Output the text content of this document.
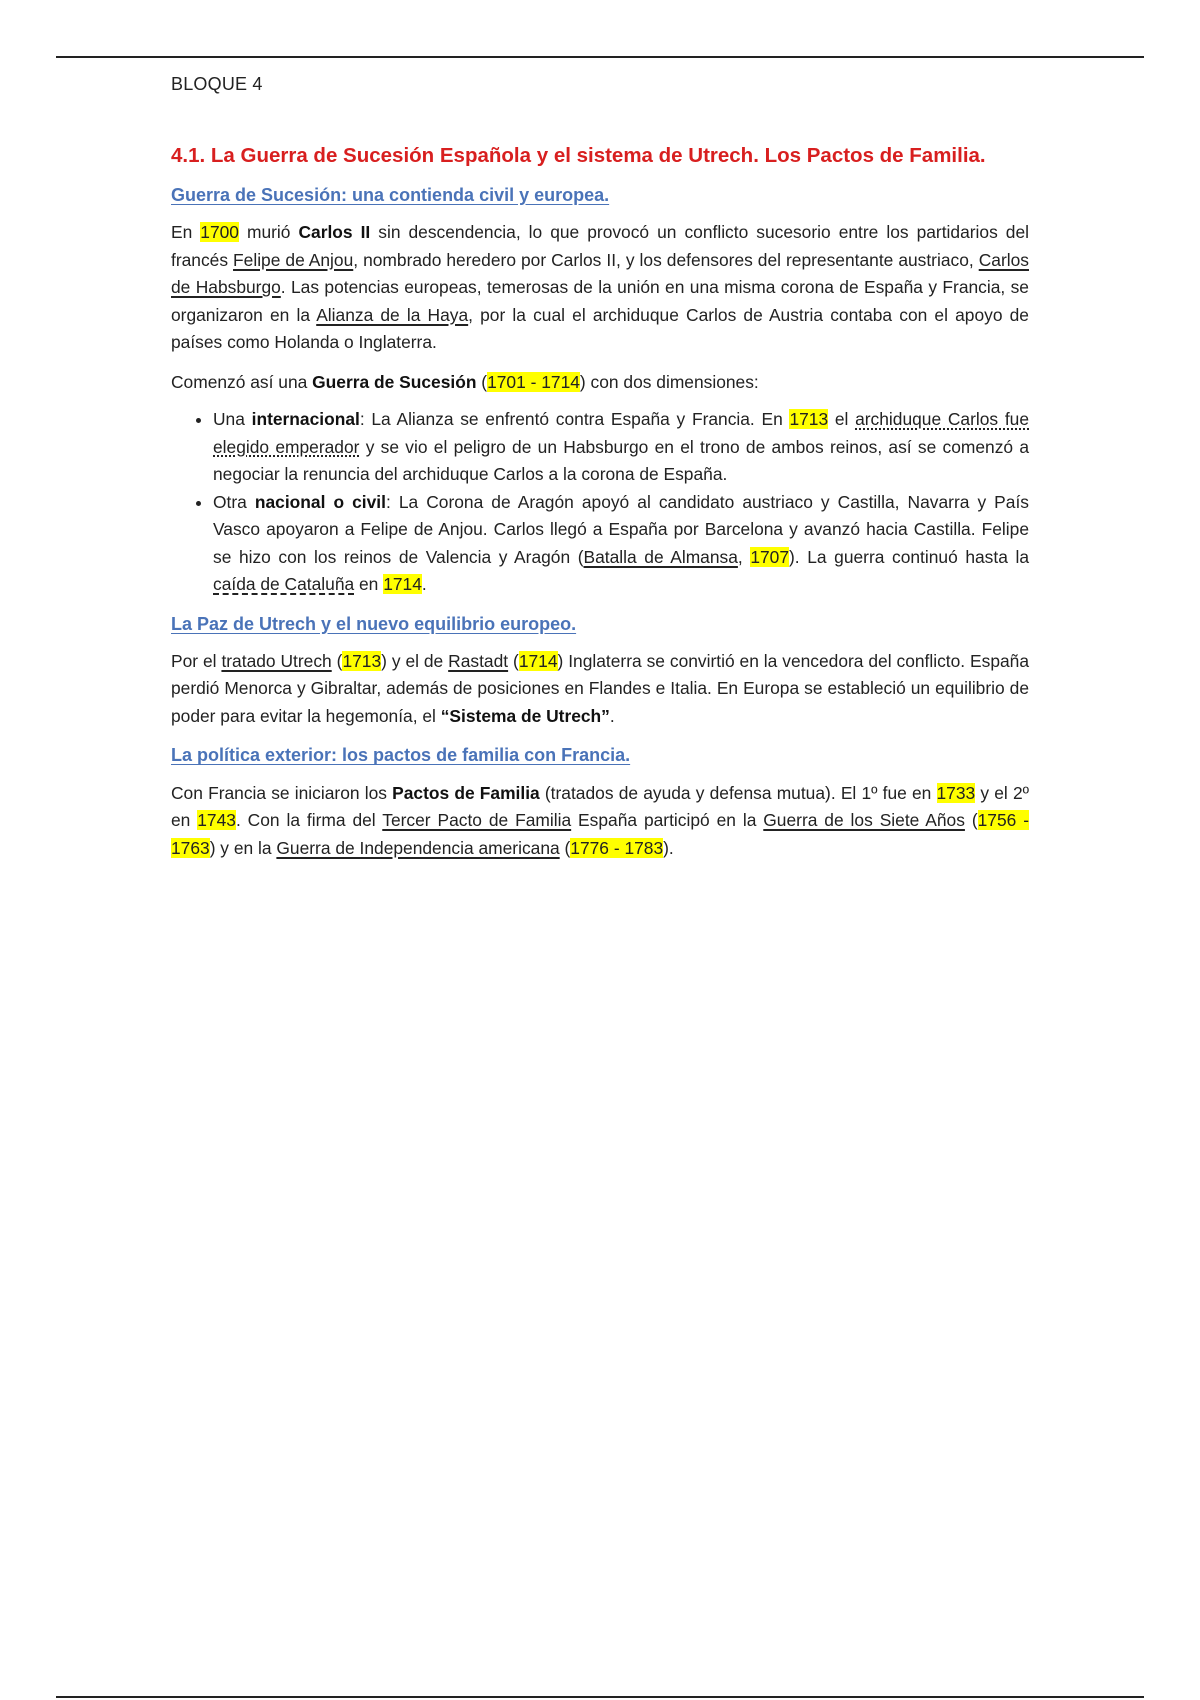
BLOQUE 4
4.1. La Guerra de Sucesión Española y el sistema de Utrech. Los Pactos de Familia.
Guerra de Sucesión: una contienda civil y europea.

En 1700 murió Carlos II sin descendencia, lo que provocó un conflicto sucesorio entre los partidarios del francés Felipe de Anjou, nombrado heredero por Carlos II, y los defensores del representante austriaco, Carlos de Habsburgo. Las potencias europeas, temerosas de la unión en una misma corona de España y Francia, se organizaron en la Alianza de la Haya, por la cual el archiduque Carlos de Austria contaba con el apoyo de países como Holanda o Inglaterra.

Comenzó así una Guerra de Sucesión (1701 - 1714) con dos dimensiones:

• Una internacional: La Alianza se enfrentó contra España y Francia. En 1713 el archiduque Carlos fue elegido emperador y se vio el peligro de un Habsburgo en el trono de ambos reinos, así se comenzó a negociar la renuncia del archiduque Carlos a la corona de España.
• Otra nacional o civil: La Corona de Aragón apoyó al candidato austriaco y Castilla, Navarra y País Vasco apoyaron a Felipe de Anjou. Carlos llegó a España por Barcelona y avanzó hacia Castilla. Felipe se hizo con los reinos de Valencia y Aragón (Batalla de Almansa, 1707). La guerra continuó hasta la caída de Cataluña en 1714.
La Paz de Utrech y el nuevo equilibrio europeo.

Por el tratado Utrech (1713) y el de Rastadt (1714) Inglaterra se convirtió en la vencedora del conflicto. España perdió Menorca y Gibraltar, además de posiciones en Flandes e Italia. En Europa se estableció un equilibrio de poder para evitar la hegemonía, el “Sistema de Utrech”.

La política exterior: los pactos de familia con Francia.

Con Francia se iniciaron los Pactos de Familia (tratados de ayuda y defensa mutua). El 1º fue en 1733 y el 2º en 1743. Con la firma del Tercer Pacto de Familia España participó en la Guerra de los Siete Años (1756 - 1763) y en la Guerra de Independencia americana (1776 - 1783).
